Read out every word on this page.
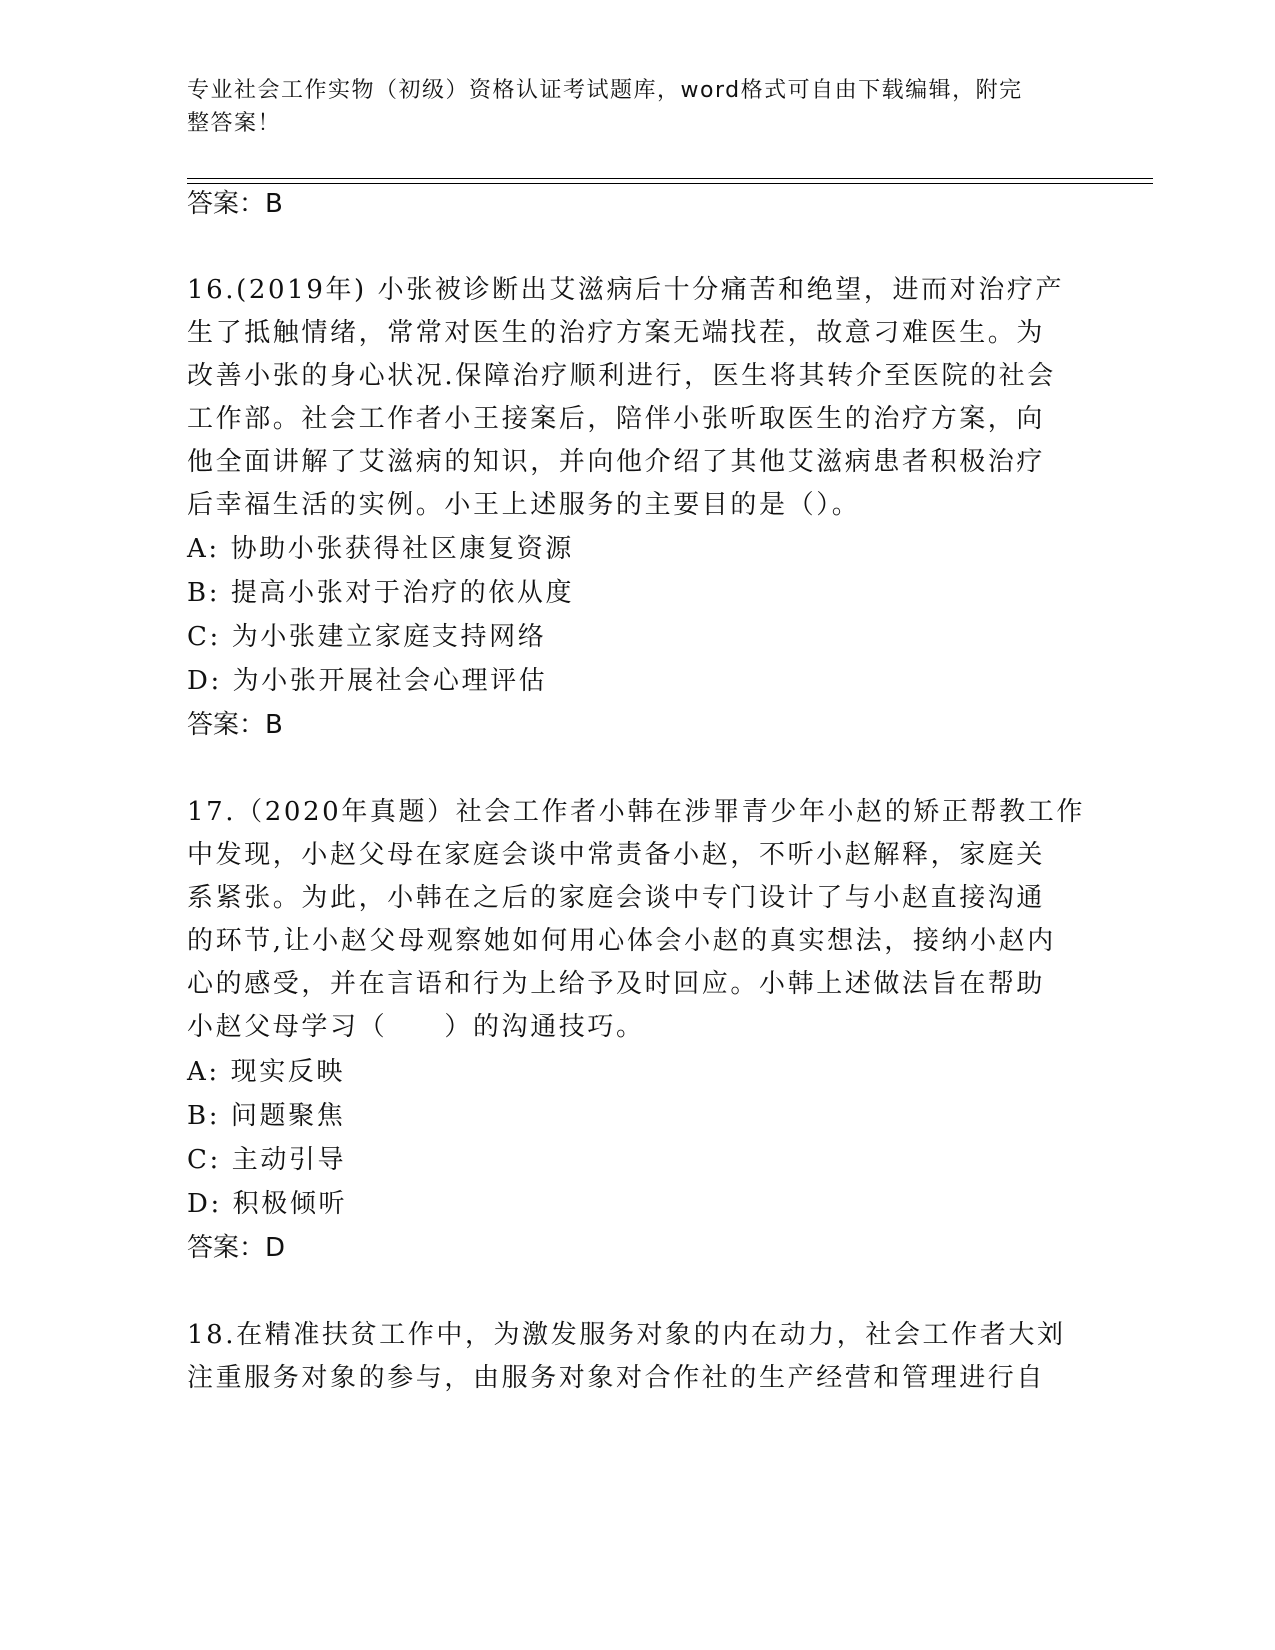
专业社会工作实物（初级）资格认证考试题库，word格式可自由下载编辑，附完
整答案！
答案：B
16.(2019年) 小张被诊断出艾滋病后十分痛苦和绝望，进而对治疗产
生了抵触情绪，常常对医生的治疗方案无端找茬，故意刁难医生。为
改善小张的身心状况.保障治疗顺利进行，医生将其转介至医院的社会
工作部。社会工作者小王接案后，陪伴小张听取医生的治疗方案，向
他全面讲解了艾滋病的知识，并向他介绍了其他艾滋病患者积极治疗
后幸福生活的实例。小王上述服务的主要目的是（）。
A: 协助小张获得社区康复资源
B: 提高小张对于治疗的依从度
C: 为小张建立家庭支持网络
D: 为小张开展社会心理评估
答案：B
17.（2020年真题）社会工作者小韩在涉罪青少年小赵的矫正帮教工作
中发现，小赵父母在家庭会谈中常责备小赵，不听小赵解释，家庭关
系紧张。为此，小韩在之后的家庭会谈中专门设计了与小赵直接沟通
的环节,让小赵父母观察她如何用心体会小赵的真实想法，接纳小赵内
心的感受，并在言语和行为上给予及时回应。小韩上述做法旨在帮助
小赵父母学习（　　）的沟通技巧。
A: 现实反映
B: 问题聚焦
C: 主动引导
D: 积极倾听
答案：D
18.在精准扶贫工作中，为激发服务对象的内在动力，社会工作者大刘
注重服务对象的参与，由服务对象对合作社的生产经营和管理进行自
